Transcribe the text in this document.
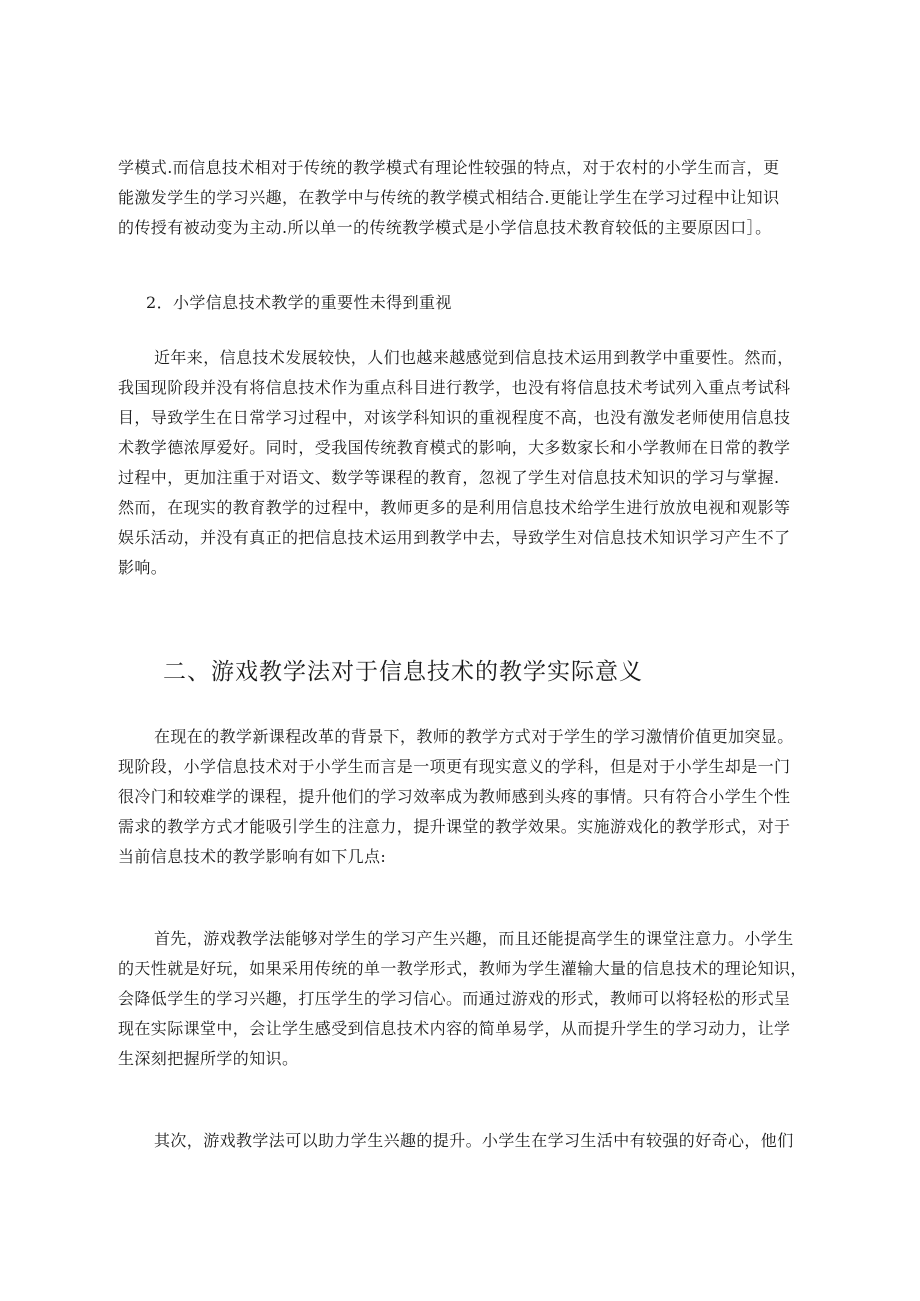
学模式.而信息技术相对于传统的教学模式有理论性较强的特点，对于农村的小学生而言，更
能激发学生的学习兴趣，在教学中与传统的教学模式相结合.更能让学生在学习过程中让知识
的传授有被动变为主动.所以单一的传统教学模式是小学信息技术教育较低的主要原因口］。

2．小学信息技术教学的重要性未得到重视

近年来，信息技术发展较快，人们也越来越感觉到信息技术运用到教学中重要性。然而，
我国现阶段并没有将信息技术作为重点科目进行教学，也没有将信息技术考试列入重点考试科
目，导致学生在日常学习过程中，对该学科知识的重视程度不高，也没有激发老师使用信息技
术教学德浓厚爱好。同时，受我国传统教育模式的影响，大多数家长和小学教师在日常的教学
过程中，更加注重于对语文、数学等课程的教育，忽视了学生对信息技术知识的学习与掌握.
然而，在现实的教育教学的过程中，教师更多的是利用信息技术给学生进行放放电视和观影等
娱乐活动，并没有真正的把信息技术运用到教学中去，导致学生对信息技术知识学习产生不了
影响。
二、游戏教学法对于信息技术的教学实际意义
在现在的教学新课程改革的背景下，教师的教学方式对于学生的学习激情价值更加突显。
现阶段，小学信息技术对于小学生而言是一项更有现实意义的学科，但是对于小学生却是一门
很冷门和较难学的课程，提升他们的学习效率成为教师感到头疼的事情。只有符合小学生个性
需求的教学方式才能吸引学生的注意力，提升课堂的教学效果。实施游戏化的教学形式，对于
当前信息技术的教学影响有如下几点:
首先，游戏教学法能够对学生的学习产生兴趣，而且还能提高学生的课堂注意力。小学生
的天性就是好玩，如果采用传统的单一教学形式，教师为学生灌输大量的信息技术的理论知识，
会降低学生的学习兴趣，打压学生的学习信心。而通过游戏的形式，教师可以将轻松的形式呈
现在实际课堂中，会让学生感受到信息技术内容的简单易学，从而提升学生的学习动力，让学
生深刻把握所学的知识。
其次，游戏教学法可以助力学生兴趣的提升。小学生在学习生活中有较强的好奇心，他们
